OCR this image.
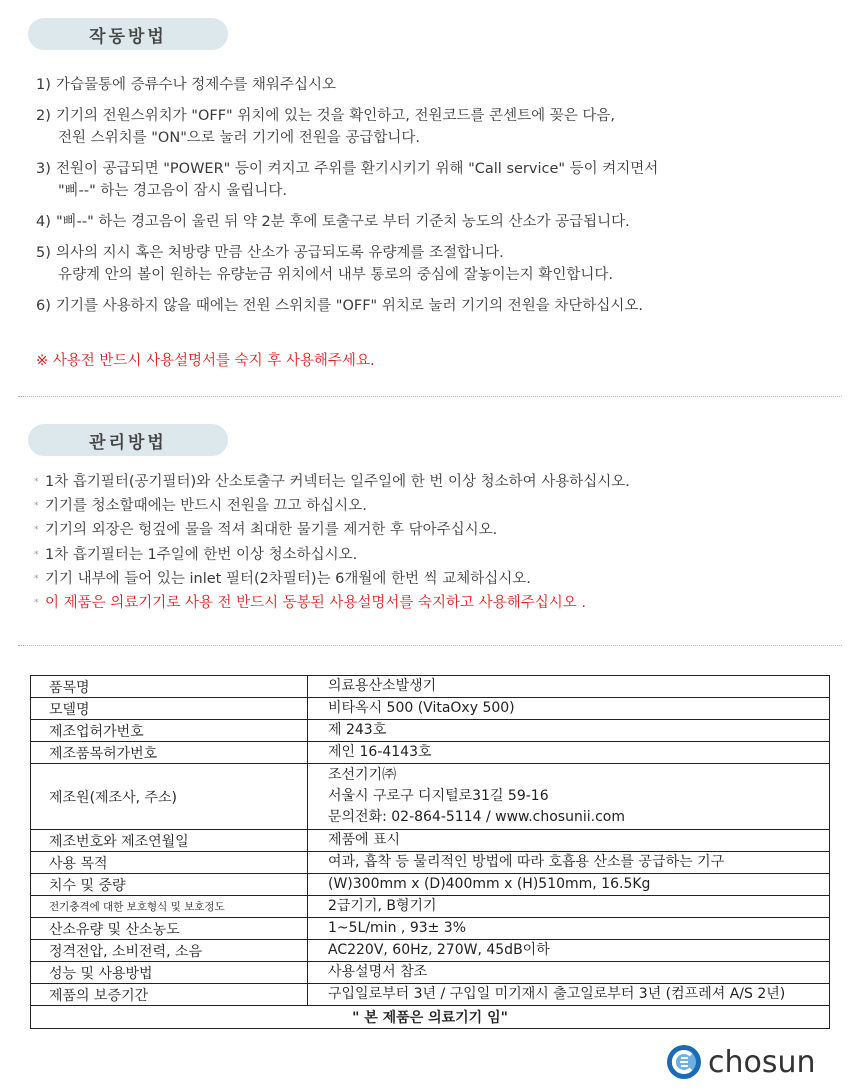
작동방법
1) 가습물통에 증류수나 정제수를 채워주십시오
2) 기기의 전원스위치가 "OFF" 위치에 있는 것을 확인하고, 전원코드를 콘센트에 꽂은 다음,
전원 스위치를 "ON"으로 눌러 기기에 전원을 공급합니다.
3) 전원이 공급되면 "POWER" 등이 켜지고 주위를 환기시키기 위해 "Call service" 등이 켜지면서
"삐--" 하는 경고음이 잠시 울립니다.
4) "삐--" 하는 경고음이 울린 뒤 약 2분 후에 토출구로 부터 기준치 농도의 산소가 공급됩니다.
5) 의사의 지시 혹은 처방량 만큼 산소가 공급되도록 유량계를 조절합니다.
유량계 안의 볼이 원하는 유량눈금 위치에서 내부 통로의 중심에 잘놓이는지 확인합니다.
6) 기기를 사용하지 않을 때에는 전원 스위치를 "OFF" 위치로 눌러 기기의 전원을 차단하십시오.
※ 사용전 반드시 사용설명서를 숙지 후 사용해주세요.
관리방법
* 1차 흡기필터(공기필터)와 산소토출구 커넥터는 일주일에 한 번 이상 청소하여 사용하십시오.
* 기기를 청소할때에는 반드시 전원을 끄고 하십시오.
* 기기의 외장은 헝겊에 물을 적셔 최대한 물기를 제거한 후 닦아주십시오.
* 1차 흡기필터는 1주일에 한번 이상 청소하십시오.
* 기기 내부에 들어 있는 inlet 필터(2차필터)는 6개월에 한번 씩 교체하십시오.
* 이 제품은 의료기기로 사용 전 반드시 동봉된 사용설명서를 숙지하고 사용해주십시오 .
품목명	의료용산소발생기

모델명	비타옥시 500 (VitaOxy 500)

제조업허가번호	제 243호

제조품목허가번호	제인 16-4143호

제조원(제조사, 주소)	조선기기㈜
서울시 구로구 디지털로31길 59-16
문의전화: 02-864-5114 / www.chosunii.com

제조번호와 제조연월일	제품에 표시

사용 목적	여과, 흡착 등 물리적인 방법에 따라 호흡용 산소를 공급하는 기구

치수 및 중량	(W)300mm x (D)400mm x (H)510mm, 16.5Kg

전기충격에 대한 보호형식 및 보호정도	2급기기, B형기기

산소유량 및 산소농도	1~5L/min , 93± 3%

정격전압, 소비전력, 소음	AC220V, 60Hz, 270W, 45dB이하

성능 및 사용방법	사용설명서 참조

제품의 보증기간	구입일로부터 3년 / 구입일 미기재시 출고일로부터 3년 (컴프레셔 A/S 2년)

" 본 제품은 의료기기 임"	
chosun
